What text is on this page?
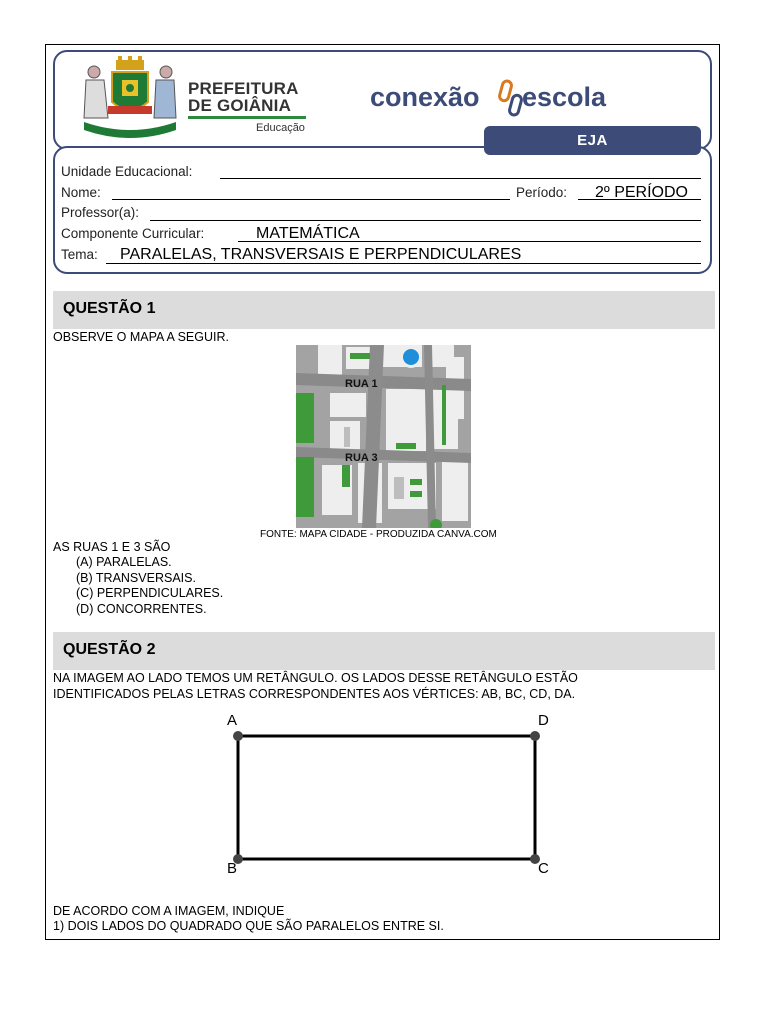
PREFEITURA
DE GOIÂNIA
Educação
conexão escola
EJA
Unidade Educacional:
Nome:	Período: 2º PERÍODO
Professor(a):
Componente Curricular:	MATEMÁTICA
Tema: PARALELAS, TRANSVERSAIS E PERPENDICULARES
QUESTÃO 1
OBSERVE O MAPA A SEGUIR.
RUA 1
RUA 3
FONTE: MAPA CIDADE - PRODUZIDA CANVA.COM
AS RUAS 1 E 3 SÃO
(A) PARALELAS.
(B) TRANSVERSAIS.
(C) PERPENDICULARES.
(D) CONCORRENTES.
QUESTÃO 2
NA IMAGEM AO LADO TEMOS UM RETÂNGULO. OS LADOS DESSE RETÂNGULO ESTÃO
IDENTIFICADOS PELAS LETRAS CORRESPONDENTES AOS VÉRTICES: AB, BC, CD, DA.
A	D
B	C
DE ACORDO COM A IMAGEM, INDIQUE
1) DOIS LADOS DO QUADRADO QUE SÃO PARALELOS ENTRE SI.
